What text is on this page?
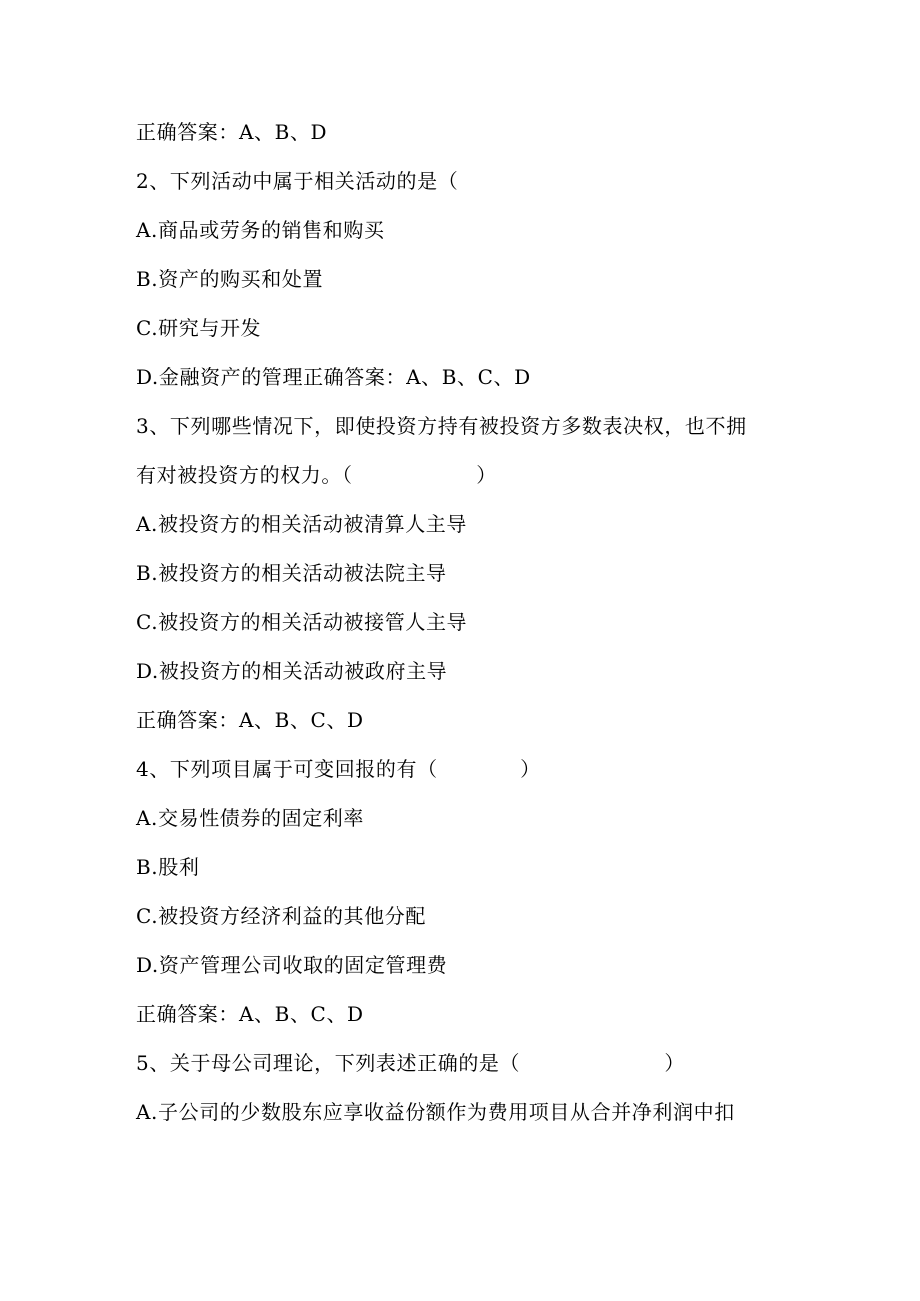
正确答案：A、B、D
2、下列活动中属于相关活动的是（
A.商品或劳务的销售和购买
B.资产的购买和处置
C.研究与开发
D.金融资产的管理正确答案：A、B、C、D
3、下列哪些情况下，即使投资方持有被投资方多数表决权，也不拥
有对被投资方的权力。（　　　　　　）
A.被投资方的相关活动被清算人主导
B.被投资方的相关活动被法院主导
C.被投资方的相关活动被接管人主导
D.被投资方的相关活动被政府主导
正确答案：A、B、C、D
4、下列项目属于可变回报的有（　　　　）
A.交易性债券的固定利率
B.股利
C.被投资方经济利益的其他分配
D.资产管理公司收取的固定管理费
正确答案：A、B、C、D
5、关于母公司理论，下列表述正确的是（　　　　　　　）
A.子公司的少数股东应享收益份额作为费用项目从合并净利润中扣
